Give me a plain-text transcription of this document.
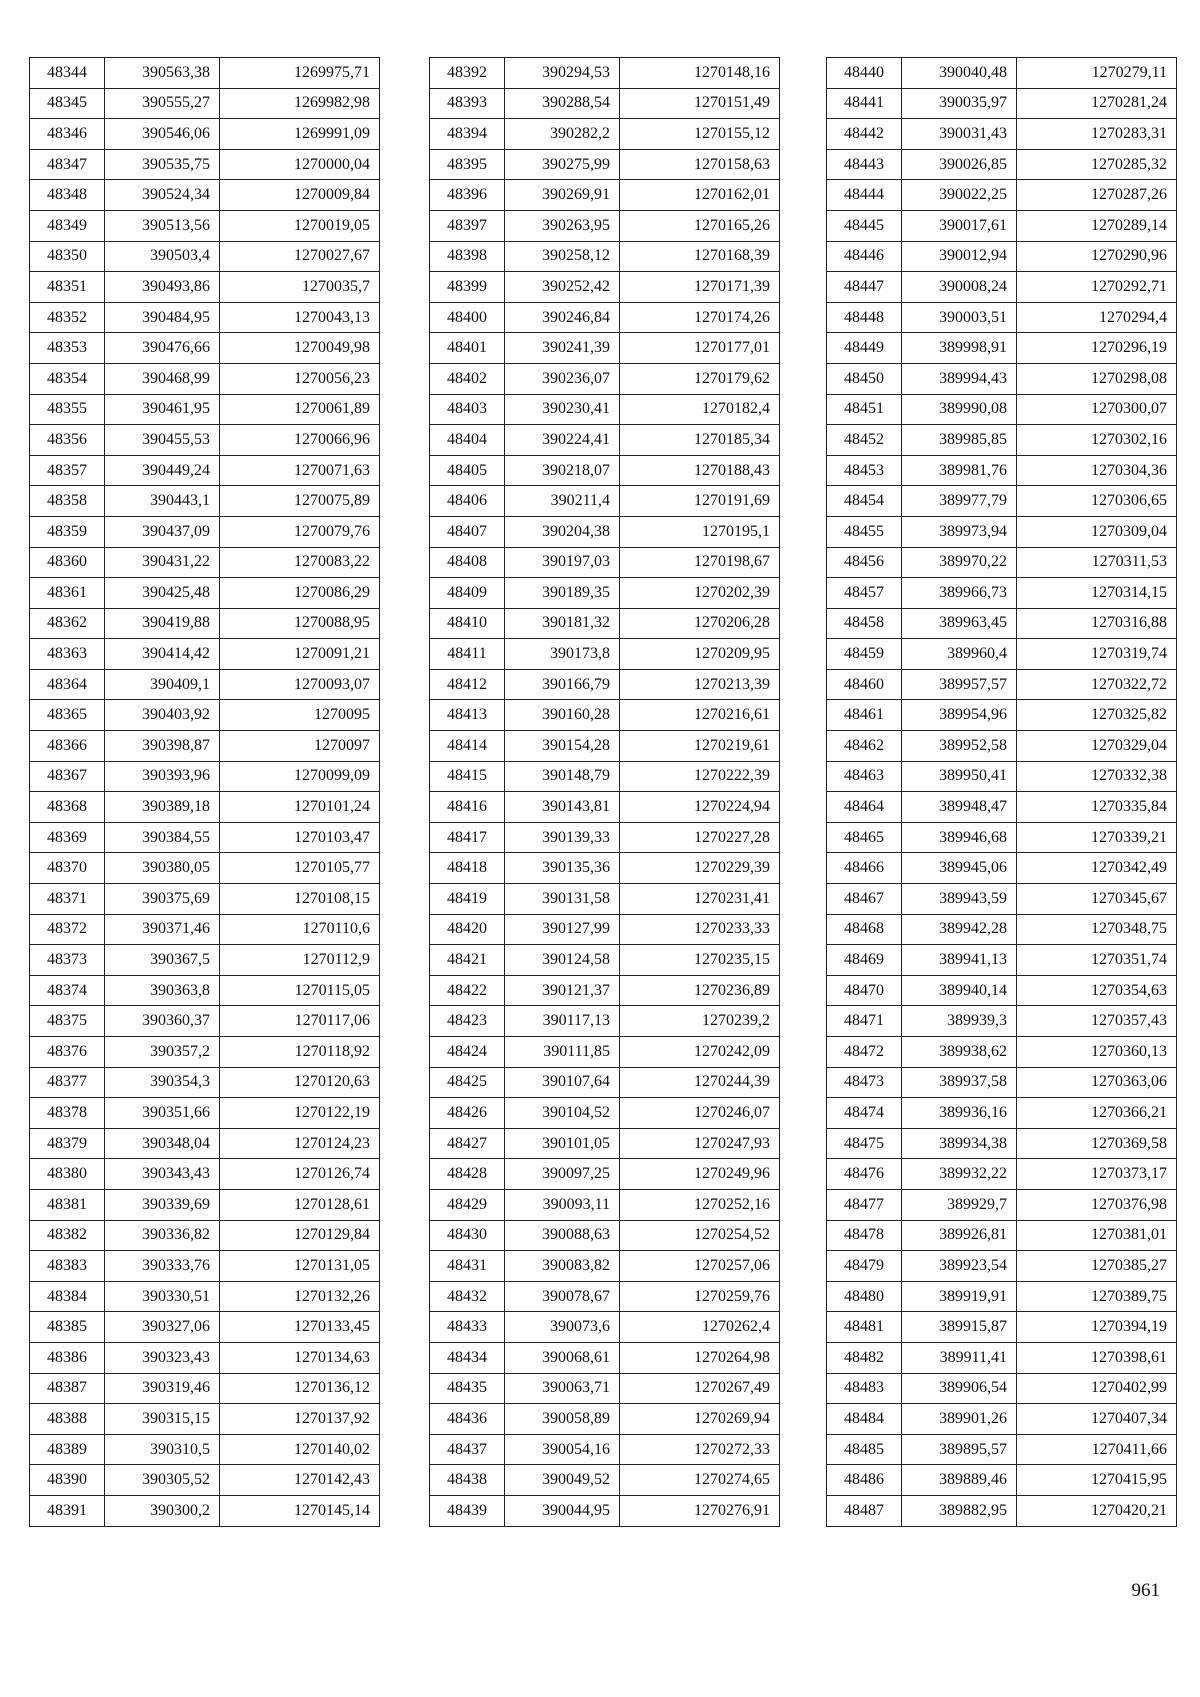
48344	390563,38	1269975,71
48345	390555,27	1269982,98
48346	390546,06	1269991,09
48347	390535,75	1270000,04
48348	390524,34	1270009,84
48349	390513,56	1270019,05
48350	390503,4	1270027,67
48351	390493,86	1270035,7
48352	390484,95	1270043,13
48353	390476,66	1270049,98
48354	390468,99	1270056,23
48355	390461,95	1270061,89
48356	390455,53	1270066,96
48357	390449,24	1270071,63
48358	390443,1	1270075,89
48359	390437,09	1270079,76
48360	390431,22	1270083,22
48361	390425,48	1270086,29
48362	390419,88	1270088,95
48363	390414,42	1270091,21
48364	390409,1	1270093,07
48365	390403,92	1270095
48366	390398,87	1270097
48367	390393,96	1270099,09
48368	390389,18	1270101,24
48369	390384,55	1270103,47
48370	390380,05	1270105,77
48371	390375,69	1270108,15
48372	390371,46	1270110,6
48373	390367,5	1270112,9
48374	390363,8	1270115,05
48375	390360,37	1270117,06
48376	390357,2	1270118,92
48377	390354,3	1270120,63
48378	390351,66	1270122,19
48379	390348,04	1270124,23
48380	390343,43	1270126,74
48381	390339,69	1270128,61
48382	390336,82	1270129,84
48383	390333,76	1270131,05
48384	390330,51	1270132,26
48385	390327,06	1270133,45
48386	390323,43	1270134,63
48387	390319,46	1270136,12
48388	390315,15	1270137,92
48389	390310,5	1270140,02
48390	390305,52	1270142,43
48391	390300,2	1270145,14
48392	390294,53	1270148,16
48393	390288,54	1270151,49
48394	390282,2	1270155,12
48395	390275,99	1270158,63
48396	390269,91	1270162,01
48397	390263,95	1270165,26
48398	390258,12	1270168,39
48399	390252,42	1270171,39
48400	390246,84	1270174,26
48401	390241,39	1270177,01
48402	390236,07	1270179,62
48403	390230,41	1270182,4
48404	390224,41	1270185,34
48405	390218,07	1270188,43
48406	390211,4	1270191,69
48407	390204,38	1270195,1
48408	390197,03	1270198,67
48409	390189,35	1270202,39
48410	390181,32	1270206,28
48411	390173,8	1270209,95
48412	390166,79	1270213,39
48413	390160,28	1270216,61
48414	390154,28	1270219,61
48415	390148,79	1270222,39
48416	390143,81	1270224,94
48417	390139,33	1270227,28
48418	390135,36	1270229,39
48419	390131,58	1270231,41
48420	390127,99	1270233,33
48421	390124,58	1270235,15
48422	390121,37	1270236,89
48423	390117,13	1270239,2
48424	390111,85	1270242,09
48425	390107,64	1270244,39
48426	390104,52	1270246,07
48427	390101,05	1270247,93
48428	390097,25	1270249,96
48429	390093,11	1270252,16
48430	390088,63	1270254,52
48431	390083,82	1270257,06
48432	390078,67	1270259,76
48433	390073,6	1270262,4
48434	390068,61	1270264,98
48435	390063,71	1270267,49
48436	390058,89	1270269,94
48437	390054,16	1270272,33
48438	390049,52	1270274,65
48439	390044,95	1270276,91
48440	390040,48	1270279,11
48441	390035,97	1270281,24
48442	390031,43	1270283,31
48443	390026,85	1270285,32
48444	390022,25	1270287,26
48445	390017,61	1270289,14
48446	390012,94	1270290,96
48447	390008,24	1270292,71
48448	390003,51	1270294,4
48449	389998,91	1270296,19
48450	389994,43	1270298,08
48451	389990,08	1270300,07
48452	389985,85	1270302,16
48453	389981,76	1270304,36
48454	389977,79	1270306,65
48455	389973,94	1270309,04
48456	389970,22	1270311,53
48457	389966,73	1270314,15
48458	389963,45	1270316,88
48459	389960,4	1270319,74
48460	389957,57	1270322,72
48461	389954,96	1270325,82
48462	389952,58	1270329,04
48463	389950,41	1270332,38
48464	389948,47	1270335,84
48465	389946,68	1270339,21
48466	389945,06	1270342,49
48467	389943,59	1270345,67
48468	389942,28	1270348,75
48469	389941,13	1270351,74
48470	389940,14	1270354,63
48471	389939,3	1270357,43
48472	389938,62	1270360,13
48473	389937,58	1270363,06
48474	389936,16	1270366,21
48475	389934,38	1270369,58
48476	389932,22	1270373,17
48477	389929,7	1270376,98
48478	389926,81	1270381,01
48479	389923,54	1270385,27
48480	389919,91	1270389,75
48481	389915,87	1270394,19
48482	389911,41	1270398,61
48483	389906,54	1270402,99
48484	389901,26	1270407,34
48485	389895,57	1270411,66
48486	389889,46	1270415,95
48487	389882,95	1270420,21
961
